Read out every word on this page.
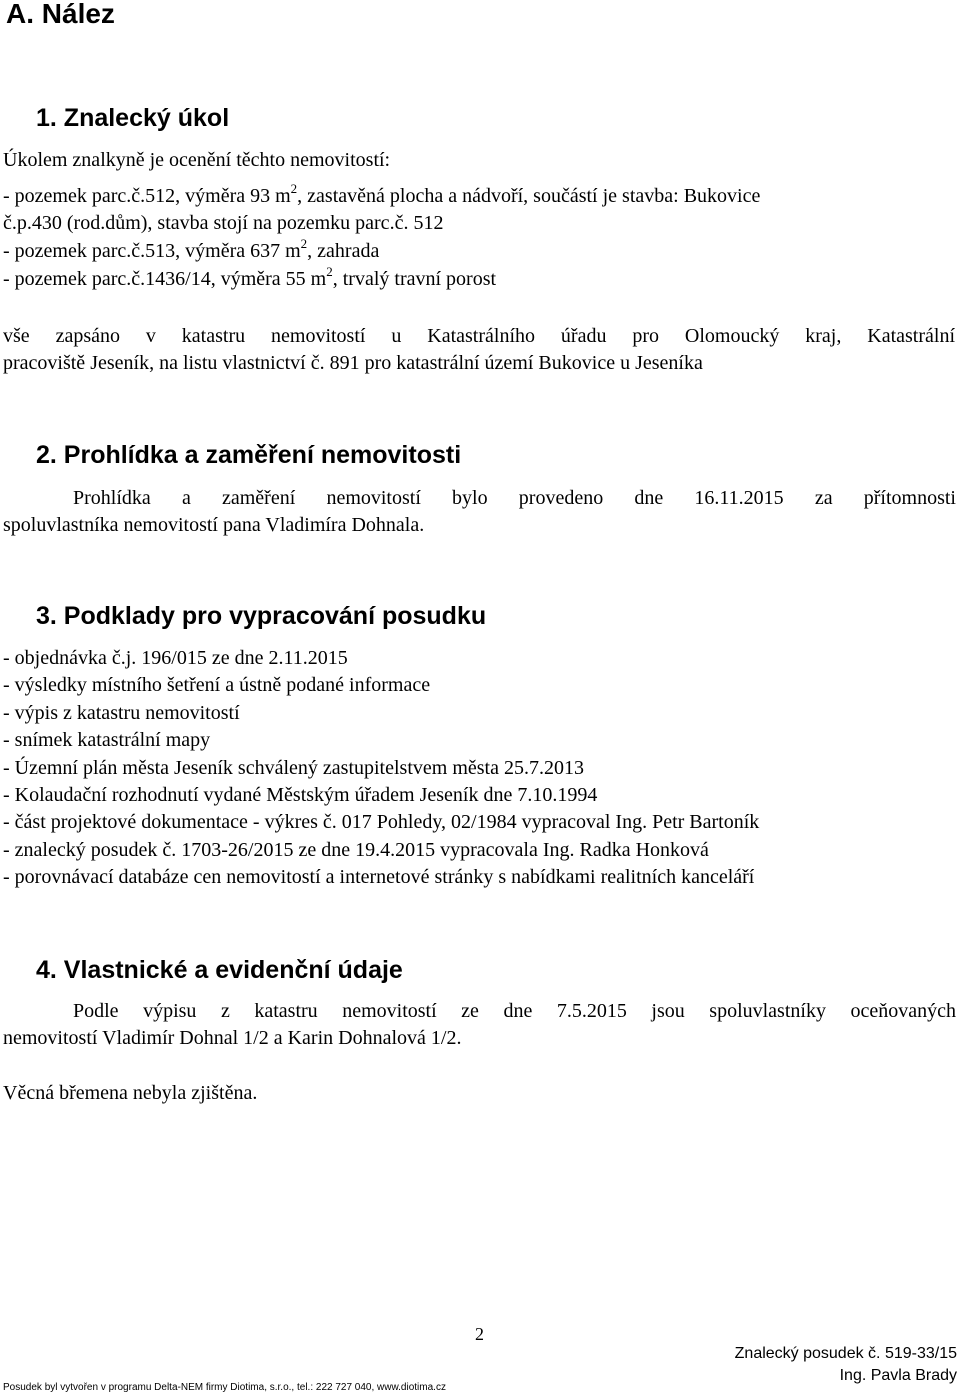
A. Nález
1. Znalecký úkol
Úkolem znalkyně je ocenění těchto nemovitostí:
- pozemek parc.č.512, výměra 93 $m^2$, zastavěná plocha a nádvoří, součástí je stavba: Bukovice
č.p.430 (rod.dům), stavba stojí na pozemku parc.č. 512
- pozemek parc.č.513, výměra 637 $m^2$, zahrada
- pozemek parc.č.1436/14, výměra 55 $m^2$, trvalý travní porost
vše zapsáno v katastru nemovitostí u Katastrálního úřadu pro Olomoucký kraj, Katastrální
pracoviště Jeseník, na listu vlastnictví č. 891 pro katastrální území Bukovice u Jeseníka
2. Prohlídka a zaměření nemovitosti
Prohlídka a zaměření nemovitostí bylo provedeno dne 16.11.2015 za přítomnosti
spoluvlastníka nemovitostí pana Vladimíra Dohnala.
3. Podklady pro vypracování posudku
- objednávka č.j. 196/015 ze dne 2.11.2015
- výsledky místního šetření a ústně podané informace
- výpis z katastru nemovitostí
- snímek katastrální mapy
- Územní plán města Jeseník schválený zastupitelstvem města 25.7.2013
- Kolaudační rozhodnutí vydané Městským úřadem Jeseník dne 7.10.1994
- část projektové dokumentace - výkres č. 017 Pohledy, 02/1984 vypracoval Ing. Petr Bartoník
- znalecký posudek č. 1703-26/2015 ze dne 19.4.2015 vypracovala Ing. Radka Honková
- porovnávací databáze cen nemovitostí a internetové stránky s nabídkami realitních kanceláří
4. Vlastnické a evidenční údaje
Podle výpisu z katastru nemovitostí ze dne 7.5.2015 jsou spoluvlastníky oceňovaných
nemovitostí Vladimír Dohnal 1/2 a Karin Dohnalová 1/2.
Věcná břemena nebyla zjištěna.
2
Znalecký posudek č. 519-33/15
Ing. Pavla Brady
Posudek byl vytvořen v programu Delta-NEM firmy Diotima, s.r.o., tel.: 222 727 040, www.diotima.cz
